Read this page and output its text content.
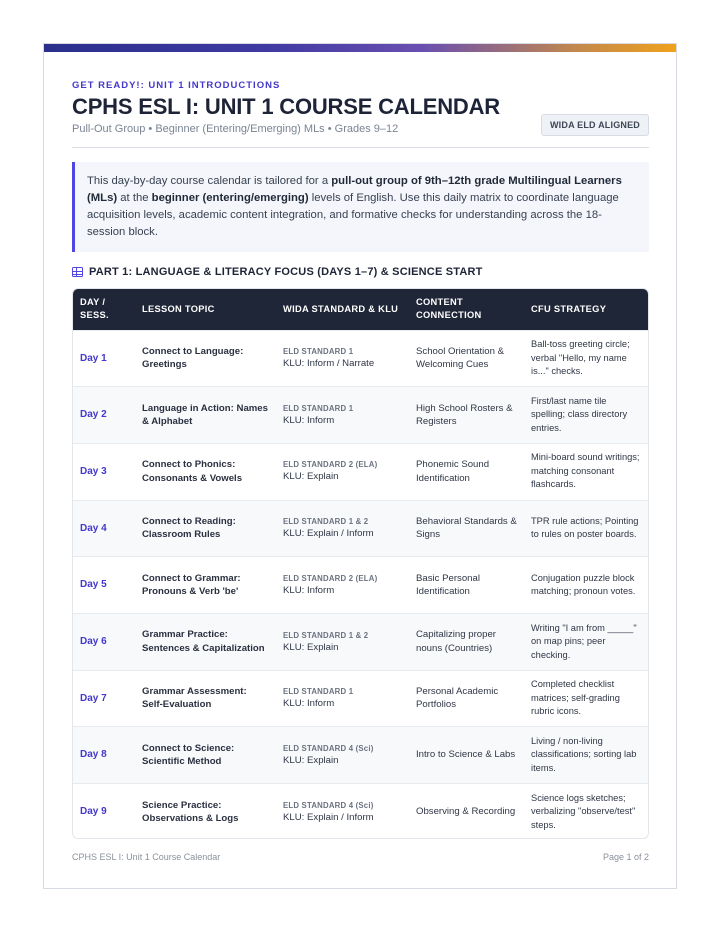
GET READY!: UNIT 1 INTRODUCTIONS
CPHS ESL I: UNIT 1 COURSE CALENDAR
Pull-Out Group • Beginner (Entering/Emerging) MLs • Grades 9–12	WIDA ELD ALIGNED
This day-by-day course calendar is tailored for a pull-out group of 9th–12th grade Multilingual Learners (MLs) at the beginner (entering/emerging) levels of English. Use this daily matrix to coordinate language acquisition levels, academic content integration, and formative checks for understanding across the 18-session block.
PART 1: LANGUAGE & LITERACY FOCUS (DAYS 1–7) & SCIENCE START
DAY / SESS.	LESSON TOPIC	WIDA STANDARD & KLU	CONTENT CONNECTION	CFU STRATEGY
Day 1	Connect to Language: Greetings	ELD STANDARD 1
KLU: Inform / Narrate	School Orientation & Welcoming Cues	Ball-toss greeting circle; verbal "Hello, my name is..." checks.
Day 2	Language in Action: Names & Alphabet	ELD STANDARD 1
KLU: Inform	High School Rosters & Registers	First/last name tile spelling; class directory entries.
Day 3	Connect to Phonics: Consonants & Vowels	ELD STANDARD 2 (ELA)
KLU: Explain	Phonemic Sound Identification	Mini-board sound writings; matching consonant flashcards.
Day 4	Connect to Reading: Classroom Rules	ELD STANDARD 1 & 2
KLU: Explain / Inform	Behavioral Standards & Signs	TPR rule actions; Pointing to rules on poster boards.
Day 5	Connect to Grammar: Pronouns & Verb 'be'	ELD STANDARD 2 (ELA)
KLU: Inform	Basic Personal Identification	Conjugation puzzle block matching; pronoun votes.
Day 6	Grammar Practice: Sentences & Capitalization	ELD STANDARD 1 & 2
KLU: Explain	Capitalizing proper nouns (Countries)	Writing "I am from _____" on map pins; peer checking.
Day 7	Grammar Assessment: Self-Evaluation	ELD STANDARD 1
KLU: Inform	Personal Academic Portfolios	Completed checklist matrices; self-grading rubric icons.
Day 8	Connect to Science: Scientific Method	ELD STANDARD 4 (Sci)
KLU: Explain	Intro to Science & Labs	Living / non-living classifications; sorting lab items.
Day 9	Science Practice: Observations & Logs	ELD STANDARD 4 (Sci)
KLU: Explain / Inform	Observing & Recording	Science logs sketches; verbalizing "observe/test" steps.
CPHS ESL I: Unit 1 Course Calendar	Page 1 of 2
